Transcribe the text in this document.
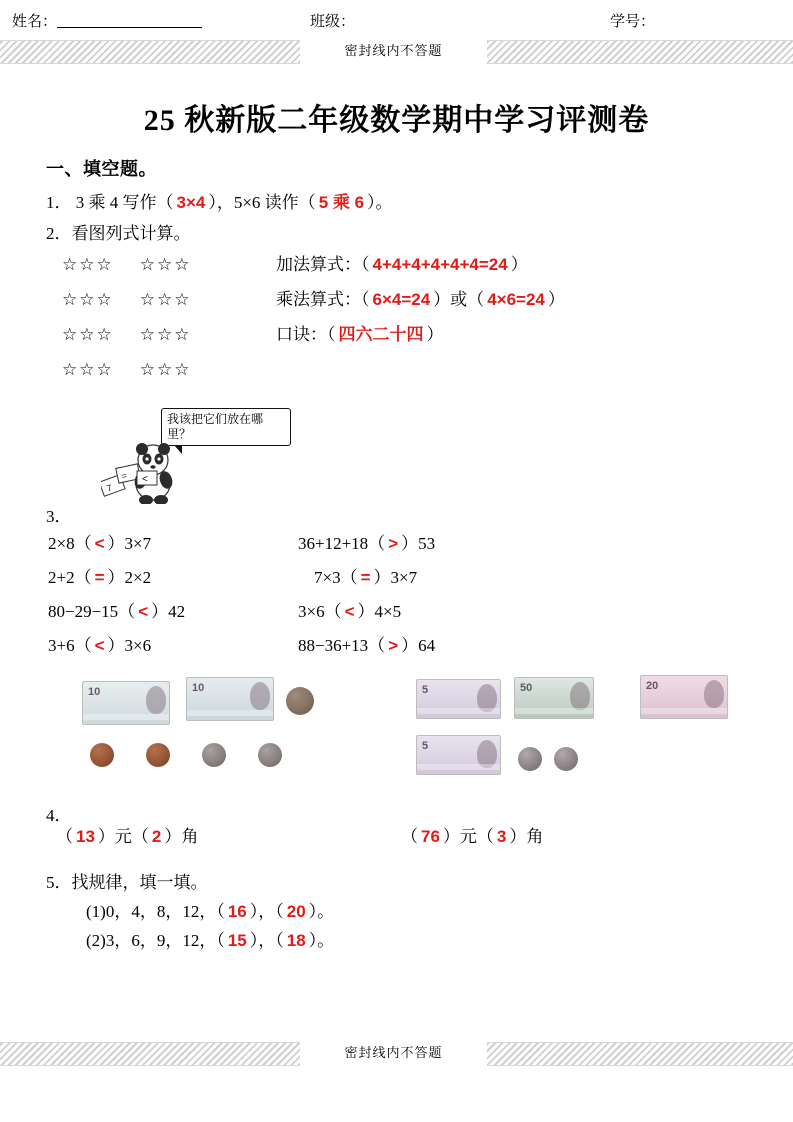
姓名：	班级：	学号：
密封线内不答题
25 秋新版二年级数学期中学习评测卷
一、填空题。
1． 3 乘 4 写作（ 3×4 ），5×6 读作（ 5 乘 6 ）。
2．看图列式计算。
☆☆☆ ☆☆☆
☆☆☆ ☆☆☆
☆☆☆ ☆☆☆
☆☆☆ ☆☆☆
加法算式：（ 4+4+4+4+4+4=24 ）
乘法算式：（ 6×4=24 ）或（ 4×6=24 ）
口诀：（ 四六二十四 ）
我该把它们放在哪里？
7
= <
3．
2×8（ < ）3×7	36+12+18（ > ）53
2+2（ = ）2×2	7×3（ = ）3×7
80−29−15（ < ）42	3×6（ < ）4×5
3+6（ < ）3×6	88−36+13（ > ）64
10	10	5	50	20
5
4．
（ 13 ）元（ 2 ）角	（ 76 ）元（ 3 ）角
5．找规律，填一填。
(1)0，4，8，12，（ 16 ），（ 20 ）。
(2)3，6，9，12，（ 15 ），（ 18 ）。
密封线内不答题
